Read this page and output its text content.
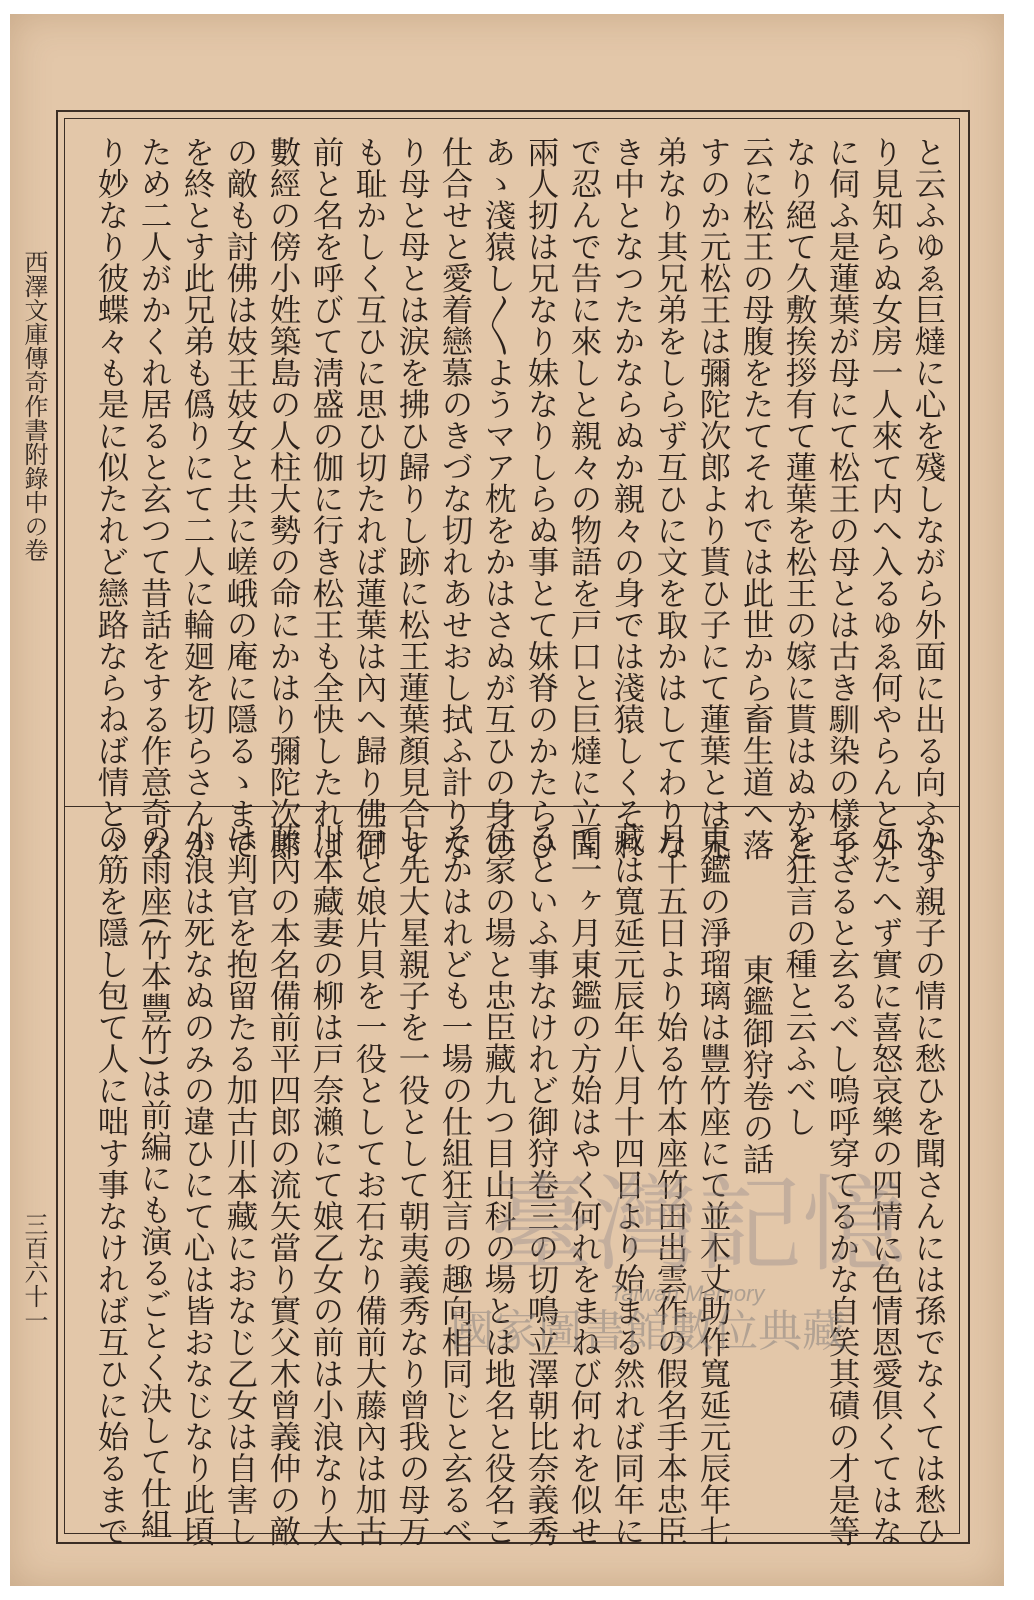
西澤文庫傳奇作書附錄中の卷
三百六十一
と云ふゆゑ巨燵に心を殘しながら外面に出る向ふよ
り見知らぬ女房一人來て内へ入るゆゑ何やらんと外
に伺ふ是蓮葉が母にて松王の母とは古き馴染の樣子
なり絕て久敷挨拶有て蓮葉を松王の嫁に貰はぬかと
云に松王の母腹をたてそれでは此世から畜生道へ落
すのか元松王は彌陀次郎より貰ひ子にて蓮葉とは兄
弟なり其兄弟をしらず互ひに文を取かはしてわりな
き中となつたかならぬか親々の身では淺猿しくそれ
で忍んで告に來しと親々の物語を戸口と巨燵に立聞
兩人扨は兄なり妹なりしらぬ事とて妹脊のかたらひ
あゝ淺猿し〳〵ようマア枕をかはさぬが互ひの身の
仕合せと愛着戀慕のきづな切れあせおし拭ふ計りな
り母と母とは涙を拂ひ歸りし跡に松王蓮葉顏見合す
も耻かしく互ひに思ひ切たれば蓮葉は內へ歸り佛御
前と名を呼びて淸盛の伽に行き松王も全快したれば
數經の傍小姓築島の人柱大勢の命にかはり彌陀次郎
の敵も討佛は妓王妓女と共に嵯峨の庵に隱るゝまで
を終とす此兄弟も僞りにて二人に輪廻を切らさんが
ため二人がかくれ居ると玄つて昔話をする作意奇な
り妙なり彼蝶々も是に似たれど戀路ならねば情とゞ
かず親子の情に愁ひを聞さんには孫でなくては愁ひ
こたへず實に喜怒哀樂の四情に色情恩愛倶くてはな
らざると玄るべし嗚呼穿てるかな自笑其磧の才是等
を狂言の種と云ふべし
東鑑御狩卷の話
東鑑の淨瑠璃は豐竹座にて並木丈助作寬延元辰年七
月十五日より始る竹本座竹田出雲作の假名手本忠臣
藏は寬延元辰年八月十四日より始まる然れば同年に
て一ヶ月東鑑の方始はやく何れをまねび何れを似せ
るといふ事なけれど御狩卷三の切鳴立澤朝比奈義秀
住家の場と忠臣藏九つ目山科の場とは地名と役名こ
そかはれども一場の仕組狂言の趣向相同じと玄るべ
し先大星親子を一役として朝夷義秀なり曾我の母万
戸と娘片貝を一役としてお石なり備前大藤內は加古
川本藏妻の柳は戸奈瀨にて娘乙女の前は小浪なり大
藤內の本名備前平四郎の流矢當り實父木曾義仲の敵
は判官を抱留たる加古川本藏におなじ乙女は自害し
小浪は死なぬのみの違ひにて心は皆おなじなり此頃
の雨座(竹本豐竹)は前編にも演るごとく決して仕組
の筋を隱し包て人に咄す事なければ互ひに始るまで	臺灣記憶
Taiwan Memory
國家圖書館數位典藏
